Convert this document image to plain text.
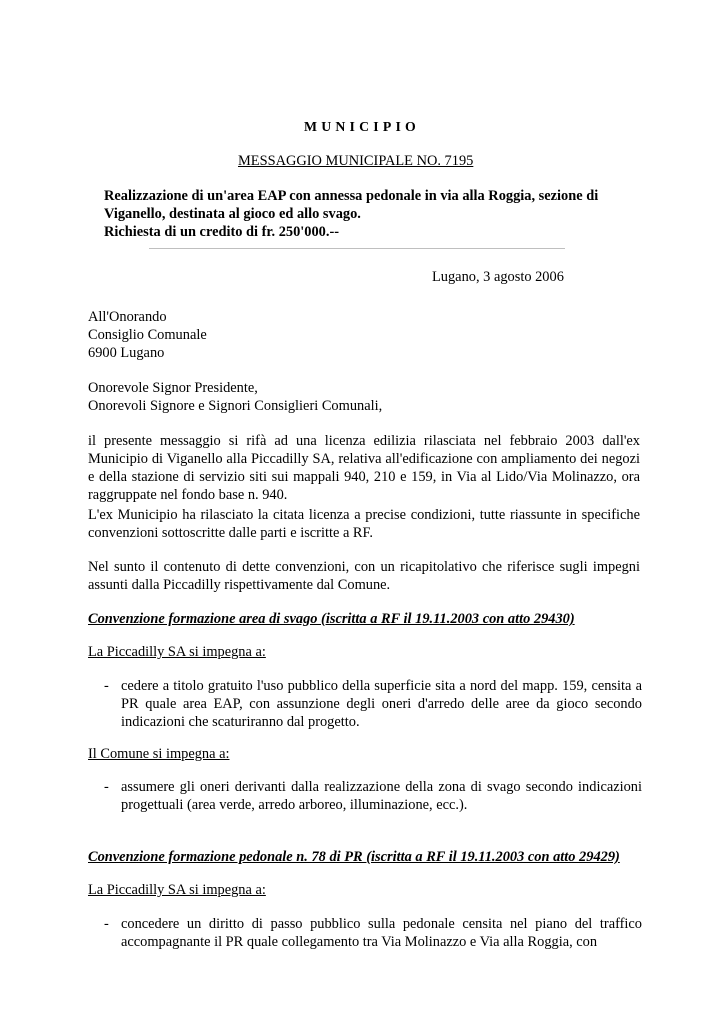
MUNICIPIO
MESSAGGIO MUNICIPALE NO. 7195
Realizzazione di un'area EAP con annessa pedonale in via alla Roggia, sezione di
Viganello, destinata al gioco ed allo svago.
Richiesta di un credito di fr. 250'000.--
Lugano, 3 agosto 2006
All'Onorando
Consiglio Comunale
6900 Lugano
Onorevole Signor Presidente,
Onorevoli Signore e Signori Consiglieri Comunali,
il presente messaggio si rifà ad una licenza edilizia rilasciata nel febbraio 2003 dall'ex Municipio di Viganello alla Piccadilly SA, relativa all'edificazione con ampliamento dei negozi e della stazione di servizio siti sui mappali 940, 210 e 159, in Via al Lido/Via Molinazzo, ora raggruppate nel fondo base n. 940.
L'ex Municipio ha rilasciato la citata licenza a precise condizioni, tutte riassunte in specifiche convenzioni sottoscritte dalle parti e iscritte a RF.
Nel sunto il contenuto di dette convenzioni, con un ricapitolativo che riferisce sugli impegni assunti dalla Piccadilly rispettivamente dal Comune.
Convenzione formazione area di svago (iscritta a RF il 19.11.2003 con atto 29430)
La Piccadilly SA si impegna a:
- cedere a titolo gratuito l'uso pubblico della superficie sita a nord del mapp. 159, censita a PR quale area EAP, con assunzione degli oneri d'arredo delle aree da gioco secondo indicazioni che scaturiranno dal progetto.
Il Comune si impegna a:
- assumere gli oneri derivanti dalla realizzazione della zona di svago secondo indicazioni progettuali (area verde, arredo arboreo, illuminazione, ecc.).
Convenzione formazione pedonale n. 78 di PR (iscritta a RF il 19.11.2003 con atto 29429)
La Piccadilly SA si impegna a:
- concedere un diritto di passo pubblico sulla pedonale censita nel piano del traffico accompagnante il PR quale collegamento tra Via Molinazzo e Via alla Roggia, con
